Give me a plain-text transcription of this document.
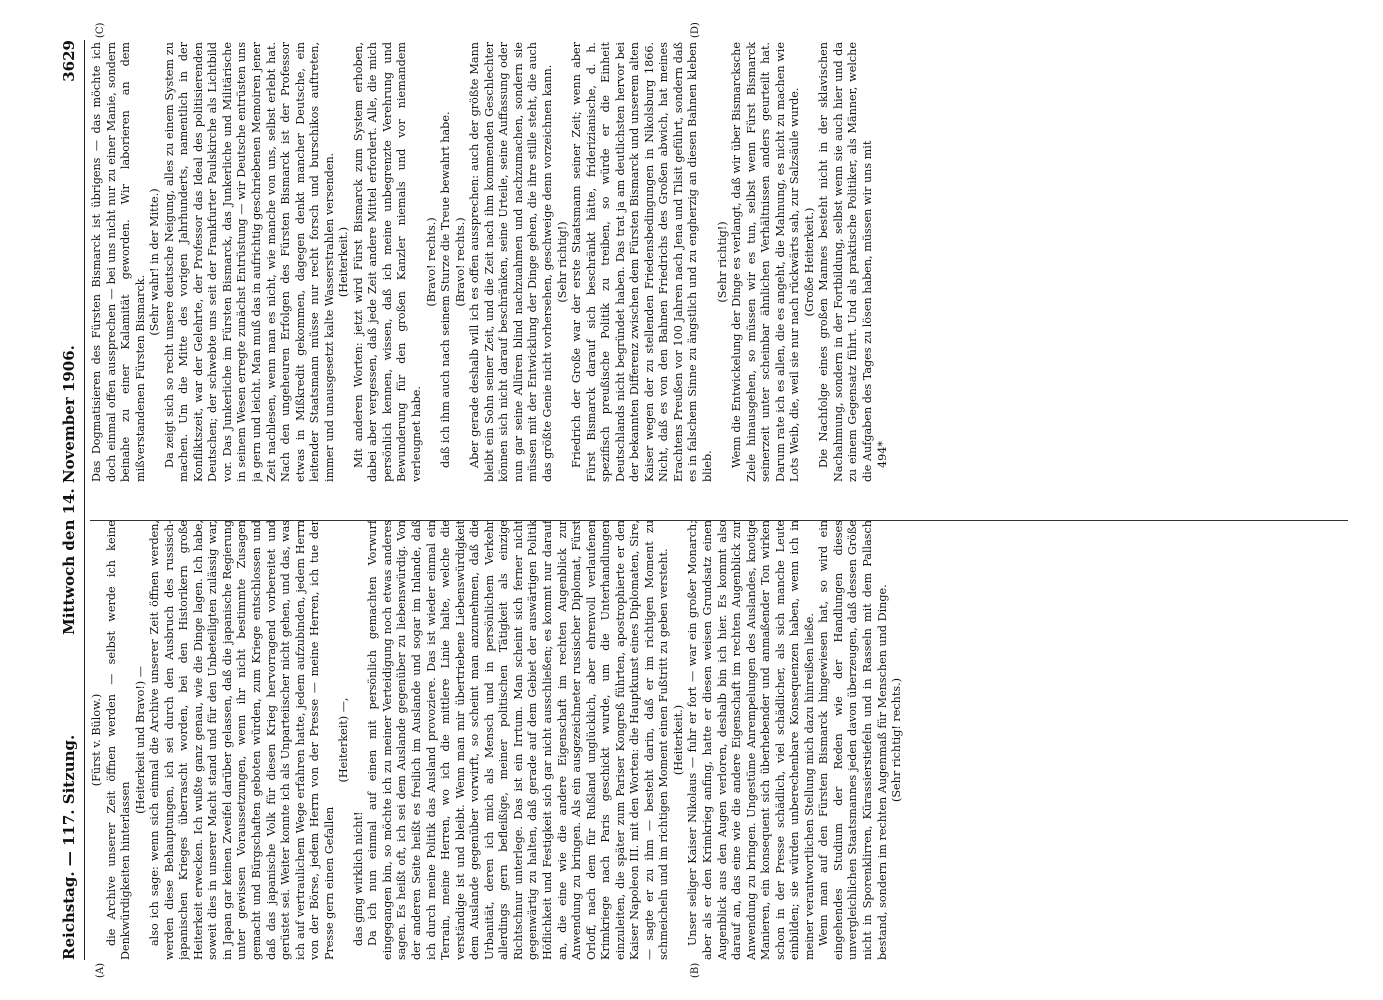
Reichstag. — 117. Sitzung.
Mittwoch den 14. November 1906.
3629
(A)	(B)
(C)	(D)

(Fürst v. Bülow.) die Archive unserer Zeit öffnen werden — selbst werde ich keine Denkwürdigkeiten hinterlassen

(Heiterkeit und Bravo!) — also ich sage: wenn sich einmal die Archive unserer Zeit öffnen werden, werden diese Behauptungen, ich sei durch den Ausbruch des russisch-japanischen Krieges überrascht worden, bei den Historikern große Heiterkeit erwecken. Ich wußte ganz genau, wie die Dinge lagen. Ich habe, soweit dies in unserer Macht stand und für den Unbeteiligten zulässig war, in Japan gar keinen Zweifel darüber gelassen, daß die japanische Regierung unter gewissen Voraussetzungen, wenn ihr nicht bestimmte Zusagen gemacht und Bürgschaften geboten würden, zum Kriege entschlossen und daß das japanische Volk für diesen Krieg hervorragend vorbereitet und gerüstet sei. Weiter konnte ich als Unparteiischer nicht gehen, und das, was ich auf vertraulichem Wege erfahren hatte, jedem aufzubinden, jedem Herrn von der Börse, jedem Herrn von der Presse — meine Herren, ich tue der Presse gern einen Gefallen

(Heiterkeit) —,

das ging wirklich nicht! Da ich nun einmal auf einen mit persönlich gemachten Vorwurf eingegangen bin, so möchte ich zu meiner Verteidigung noch etwas anderes sagen. Es heißt oft, ich sei dem Auslande gegenüber zu liebenswürdig. Von der anderen Seite heißt es freilich im Auslande und sogar im Inlande, daß ich durch meine Politik das Ausland provoziere. Das ist wieder einmal ein Terrain, meine Herren, wo ich die mittlere Linie halte, welche die verständige ist und bleibt. Wenn man mir übertriebene Liebenswürdigkeit dem Auslande gegenüber vorwirft, so scheint man anzunehmen, daß die Urbanität, deren ich mich als Mensch und in persönlichem Verkehr allerdings gern befleißige, meiner politischen Tätigkeit als einzige Richtschnur unterlege. Das ist ein Irrtum. Man scheint sich ferner nicht gegenwärtig zu halten, daß gerade auf dem Gebiet der auswärtigen Politik Höflichkeit und Festigkeit sich gar nicht ausschließen; es kommt nur darauf an, die eine wie die andere Eigenschaft im rechten Augenblick zur Anwendung zu bringen. Als ein ausgezeichneter russischer Diplomat, Fürst Orloff, nach dem für Rußland unglücklich, aber ehrenvoll verlaufenen Krimkriege nach Paris geschickt wurde, um die Unterhandlungen einzuleiten, die später zum Pariser Kongreß führten, apostrophierte er den Kaiser Napoleon III. mit den Worten: die Hauptkunst eines Diplomaten, Sire, — sagte er zu ihm — besteht darin, daß er im richtigen Moment zu schmeicheln und im richtigen Moment einen Fußtritt zu geben versteht. (Heiterkeit.) Unser seliger Kaiser Nikolaus — fuhr er fort — war ein großer Monarch; aber als er den Krimkrieg anfing, hatte er diesen weisen Grundsatz einen Augenblick aus den Augen verloren, deshalb bin ich hier. Es kommt also darauf an, das eine wie die andere Eigenschaft im rechten Augenblick zur Anwendung zu bringen. Ungestüme Anrempelungen des Auslandes, knotige Manieren, ein konsequent sich überhebender und anmaßender Ton wirken schon in der Presse schädlich, viel schädlicher, als sich manche Leute einbilden; sie würden unberechenbare Konsequenzen haben, wenn ich in meiner verantwortlichen Stellung mich dazu hinreißen ließe. Wenn man auf den Fürsten Bismarck hingewiesen hat, so wird ein eingehendes Studium der Reden wie der Handlungen dieses unvergleichlichen Staatsmannes jeden davon überzeugen, daß dessen Größe nicht in Sporenklirren, Kürassierstiefeln und in Rasseln mit dem Pallasch bestand, sondern im rechten Augenmaß für Menschen und Dinge. (Sehr richtig! rechts.)

Das Dogmatisieren des Fürsten Bismarck ist übrigens — das möchte ich doch einmal offen aussprechen — bei uns nicht nur zu einer Manie, sondern beinahe zu einer Kalamität geworden. Wir laborieren an dem mißverstandenen Fürsten Bismarck.

(Sehr wahr! in der Mitte.) Da zeigt sich so recht unsere deutsche Neigung, alles zu einem System zu machen. Um die Mitte des vorigen Jahrhunderts, namentlich in der Konfliktszeit, war der Gelehrte, der Professor das Ideal des politisierenden Deutschen; der schwebte uns seit der Frankfurter Paulskirche als Lichtbild vor. Das Junkerliche im Fürsten Bismarck, das Junkerliche und Militärische in seinem Wesen erregte zunächst Entrüstung — wir Deutsche entrüsten uns ja gern und leicht. Man muß das in aufrichtig geschriebenen Memoiren jener Zeit nachlesen, wenn man es nicht, wie manche von uns, selbst erlebt hat. Nach den ungeheuren Erfolgen des Fürsten Bismarck ist der Professor etwas in Mißkredit gekommen, dagegen denkt mancher Deutsche, ein leitender Staatsmann müsse nur recht forsch und burschikos auftreten, immer und unausgesetzt kalte Wasserstrahlen versenden. (Heiterkeit.) Mit anderen Worten: jetzt wird Fürst Bismarck zum System erhoben, dabei aber vergessen, daß jede Zeit andere Mittel erfordert. Alle, die mich persönlich kennen, wissen, daß ich meine unbegrenzte Verehrung und Bewunderung für den großen Kanzler niemals und vor niemandem verleugnet habe.

(Bravo! rechts.) daß ich ihm auch nach seinem Sturze die Treue bewahrt habe. (Bravo! rechts.) Aber gerade deshalb will ich es offen aussprechen: auch der größte Mann bleibt ein Sohn seiner Zeit, und die Zeit nach ihm kommenden Geschlechter können sich nicht darauf beschränken, seine Urteile, seine Auffassung oder nun gar seine Allüren blind nachzuahmen und nachzumachen, sondern sie müssen mit der Entwicklung der Dinge gehen, die ihre stille steht, die auch das größte Genie nicht vorhersehen, geschweige denn vorzeichnen kann. (Sehr richtig!) Friedrich der Große war der erste Staatsmann seiner Zeit; wenn aber Fürst Bismarck darauf sich beschränkt hätte, friderizianische, d. h. spezifisch preußische Politik zu treiben, so würde er die Einheit Deutschlands nicht begründet haben. Das trat ja am deutlichsten hervor bei der bekannten Differenz zwischen dem Fürsten Bismarck und unserem alten Kaiser wegen der zu stellenden Friedensbedingungen in Nikolsburg 1866. Nicht, daß es von den Bahnen Friedrichs des Großen abwich, hat meines Erachtens Preußen vor 100 Jahren nach Jena und Tilsit geführt, sondern daß es in falschem Sinne zu ängstlich und zu engherzig an diesen Bahnen kleben blieb.

(Sehr richtig!) Wenn die Entwickelung der Dinge es verlangt, daß wir über Bismarcksche Ziele hinausgehen, so müssen wir es tun, selbst wenn Fürst Bismarck seinerzeit unter scheinbar ähnlichen Verhältnissen anders geurteilt hat. Darum rate ich es allen, die es angeht, die Mahnung, es nicht zu machen wie Lots Weib, die, weil sie nur nach rückwärts sah, zur Salzsäule wurde. (Große Heiterkeit.) Die Nachfolge eines großen Mannes besteht nicht in der sklavischen Nachahmung, sondern in der Fortbildung, selbst wenn sie auch hier und da zu einem Gegensatz führt. Und als praktische Politiker, als Männer, welche die Aufgaben des Tages zu lösen haben, müssen wir uns mit 494*
